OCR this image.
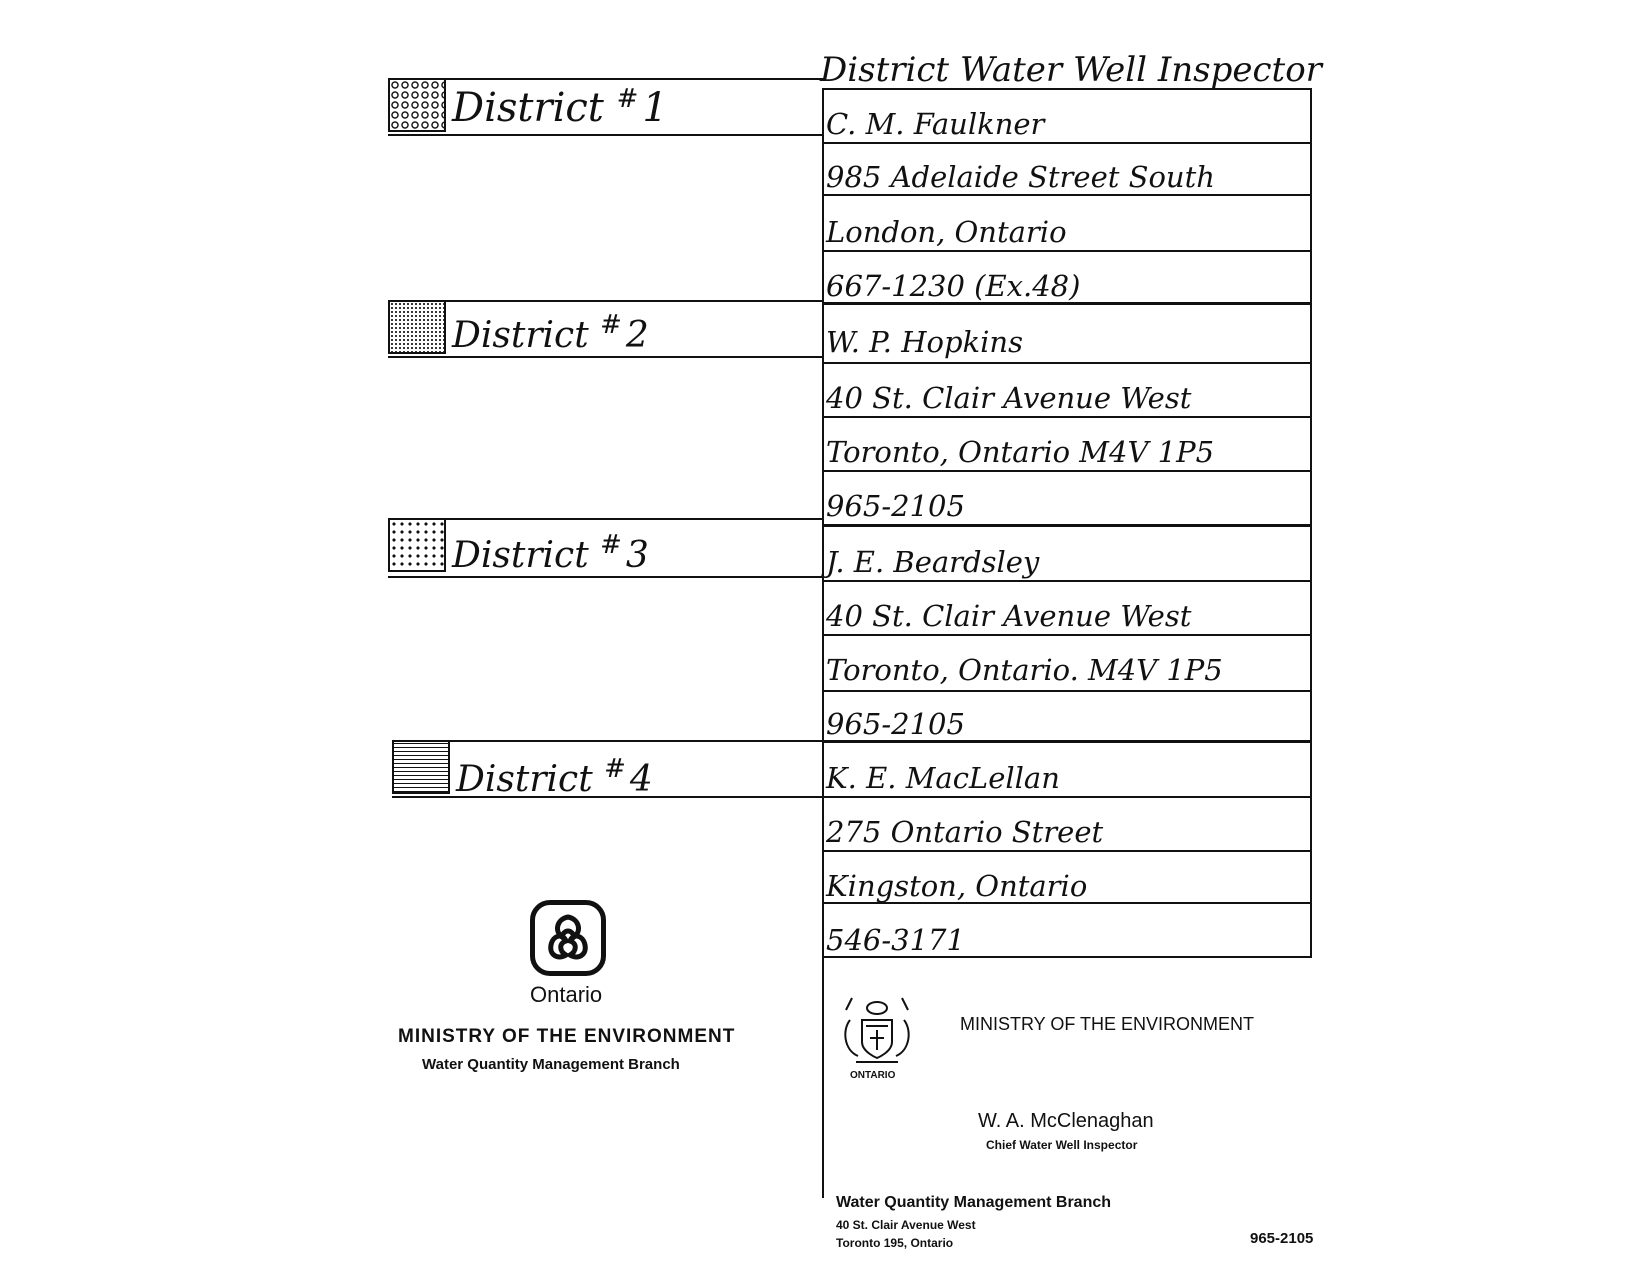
District Water Well Inspector
District # 1	C. M. Faulkner
985 Adelaide Street South
London, Ontario
667-1230 (Ex.48)
District # 2	W. P. Hopkins
40 St. Clair Avenue West
Toronto, Ontario M4V 1P5
965-2105
District # 3	J. E. Beardsley
40 St. Clair Avenue West
Toronto, Ontario. M4V 1P5
965-2105
District # 4	K. E. MacLellan
275 Ontario Street
Kingston, Ontario
546-3171
Ontario
MINISTRY OF THE ENVIRONMENT
Water Quantity Management Branch
ONTARIO
MINISTRY OF THE ENVIRONMENT
W. A. McClenaghan
Chief Water Well Inspector
Water Quantity Management Branch
40 St. Clair Avenue West
Toronto 195, Ontario	965-2105
